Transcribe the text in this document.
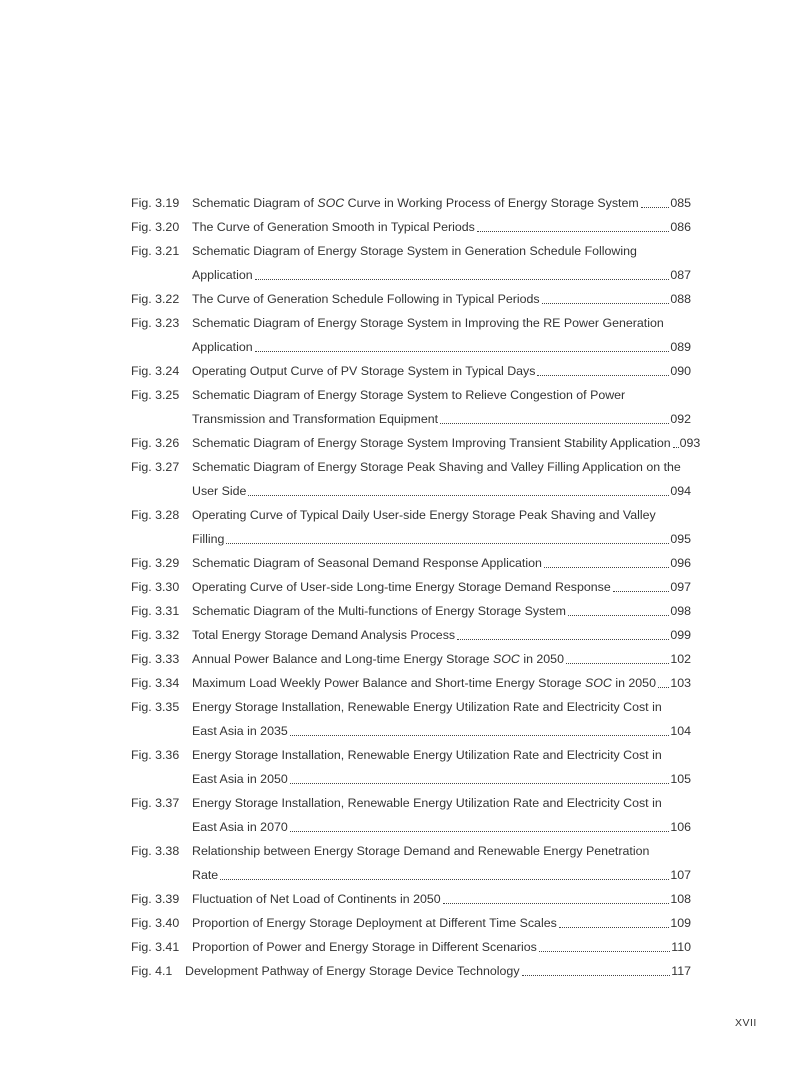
Fig. 3.19	Schematic Diagram of SOC Curve in Working Process of Energy Storage System	085
Fig. 3.20	The Curve of Generation Smooth in Typical Periods	086
Fig. 3.21	Schematic Diagram of Energy Storage System in Generation Schedule Following
Application	087
Fig. 3.22	The Curve of Generation Schedule Following in Typical Periods	088
Fig. 3.23	Schematic Diagram of Energy Storage System in Improving the RE Power Generation
Application	089
Fig. 3.24	Operating Output Curve of PV Storage System in Typical Days	090
Fig. 3.25	Schematic Diagram of Energy Storage System to Relieve Congestion of Power
Transmission and Transformation Equipment	092
Fig. 3.26	Schematic Diagram of Energy Storage System Improving Transient Stability Application 093
Fig. 3.27	Schematic Diagram of Energy Storage Peak Shaving and Valley Filling Application on the
User Side	094
Fig. 3.28	Operating Curve of Typical Daily User-side Energy Storage Peak Shaving and Valley
Filling	095
Fig. 3.29	Schematic Diagram of Seasonal Demand Response Application	096
Fig. 3.30	Operating Curve of User-side Long-time Energy Storage Demand Response	097
Fig. 3.31	Schematic Diagram of the Multi-functions of Energy Storage System	098
Fig. 3.32	Total Energy Storage Demand Analysis Process	099
Fig. 3.33	Annual Power Balance and Long-time Energy Storage SOC in 2050	102
Fig. 3.34	Maximum Load Weekly Power Balance and Short-time Energy Storage SOC in 2050 103
Fig. 3.35	Energy Storage Installation, Renewable Energy Utilization Rate and Electricity Cost in
East Asia in 2035	104
Fig. 3.36	Energy Storage Installation, Renewable Energy Utilization Rate and Electricity Cost in
East Asia in 2050	105
Fig. 3.37	Energy Storage Installation, Renewable Energy Utilization Rate and Electricity Cost in
East Asia in 2070	106
Fig. 3.38	Relationship between Energy Storage Demand and Renewable Energy Penetration
Rate	107
Fig. 3.39	Fluctuation of Net Load of Continents in 2050	108
Fig. 3.40	Proportion of Energy Storage Deployment at Different Time Scales	109
Fig. 3.41	Proportion of Power and Energy Storage in Different Scenarios	110
Fig. 4.1	Development Pathway of Energy Storage Device Technology	117
XVII
